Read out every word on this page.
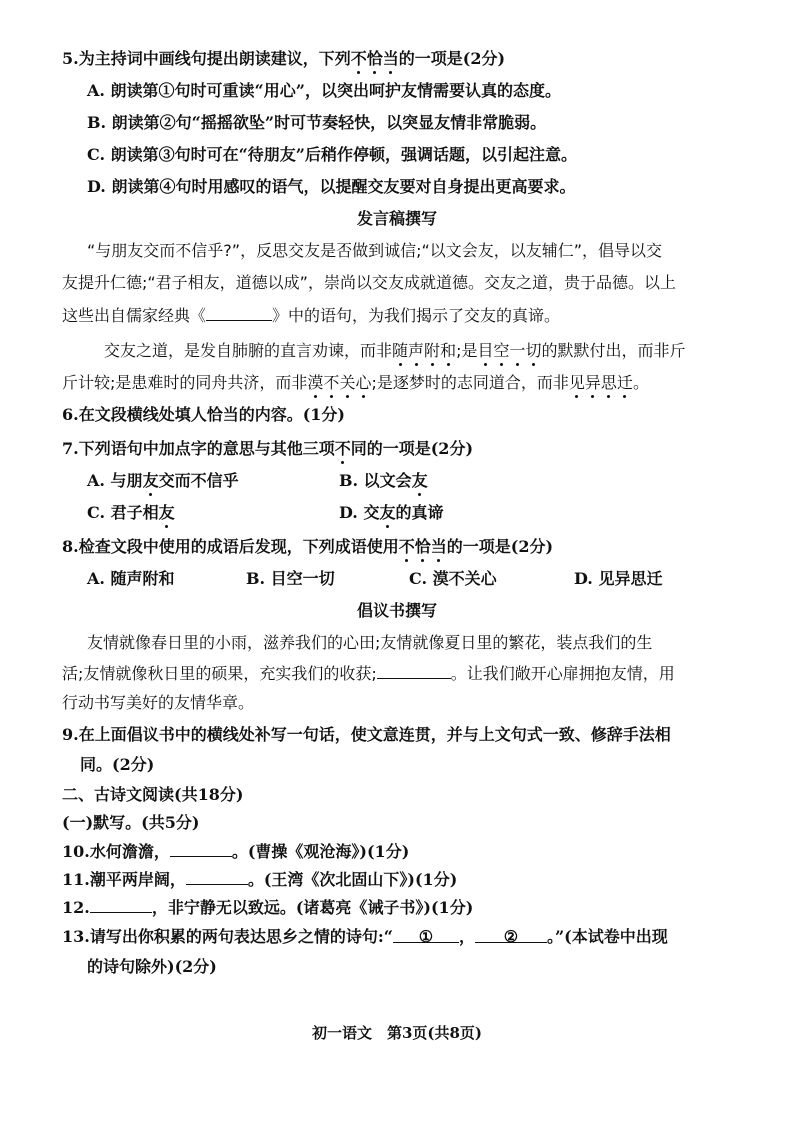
5.为主持词中画线句提出朗读建议，下列不恰当的一项是(2分)
A. 朗读第①句时可重读“用心”，以突出呵护友情需要认真的态度。
B. 朗读第②句“摇摇欲坠”时可节奏轻快，以突显友情非常脆弱。
C. 朗读第③句时可在“待朋友”后稍作停顿，强调话题，以引起注意。
D. 朗读第④句时用感叹的语气，以提醒交友要对自身提出更高要求。
发言稿撰写
“与朋友交而不信乎?”，反思交友是否做到诚信;“以文会友，以友辅仁”，倡导以交
友提升仁德;“君子相友，道德以成”，崇尚以交友成就道德。交友之道，贵于品德。以上
这些出自儒家经典《	》中的语句，为我们揭示了交友的真谛。
交友之道，是发自肺腑的直言劝谏，而非随声附和;是目空一切的默默付出，而非斤
斤计较;是患难时的同舟共济，而非漠不关心;是逐梦时的志同道合，而非见异思迁。
6.在文段横线处填人恰当的内容。(1分)
7.下列语句中加点字的意思与其他三项不同的一项是(2分)
A. 与朋友交而不信乎	B. 以文会友
C. 君子相友	D. 交友的真谛
8.检查文段中使用的成语后发现，下列成语使用不恰当的一项是(2分)
A. 随声附和	B. 目空一切	C. 漠不关心	D. 见异思迁
倡议书撰写
友情就像春日里的小雨，滋养我们的心田;友情就像夏日里的繁花，装点我们的生
活;友情就像秋日里的硕果，充实我们的收获;	。让我们敞开心扉拥抱友情，用
行动书写美好的友情华章。
9.在上面倡议书中的横线处补写一句话，使文意连贯，并与上文句式一致、修辞手法相
同。(2分)
二、古诗文阅读(共18分)
(一)默写。(共5分)
10.水何澹澹，	。(曹操《观沧海》)(1分)
11.潮平两岸阔，	。(王湾《次北固山下》)(1分)
12.	，非宁静无以致远。(诸葛亮《诫子书》)(1分)
13.请写出你积累的两句表达思乡之情的诗句:“ ① ， ② 。”(本试卷中出现
的诗句除外)(2分)
初一语文　第3页(共8页)
